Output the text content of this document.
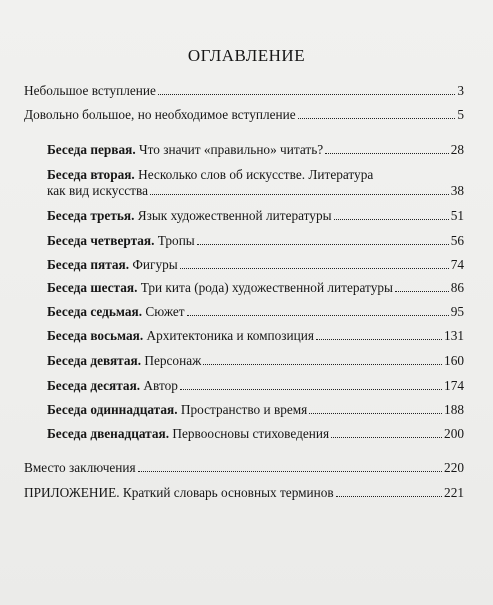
ОГЛАВЛЕНИЕ
Небольшое вступление	3
Довольно большое, но необходимое вступление	5
Беседа первая. Что значит «правильно» читать?	28
Беседа вторая. Несколько слов об искусстве. Литература
как вид искусства	38
Беседа третья. Язык художественной литературы	51
Беседа четвертая. Тропы	56
Беседа пятая. Фигуры	74
Беседа шестая. Три кита (рода) художественной литературы	86
Беседа седьмая. Сюжет	95
Беседа восьмая. Архитектоника и композиция	131
Беседа девятая. Персонаж	160
Беседа десятая. Автор	174
Беседа одиннадцатая. Пространство и время	188
Беседа двенадцатая. Первоосновы стиховедения	200
Вместо заключения	220
ПРИЛОЖЕНИЕ. Краткий словарь основных терминов	221
